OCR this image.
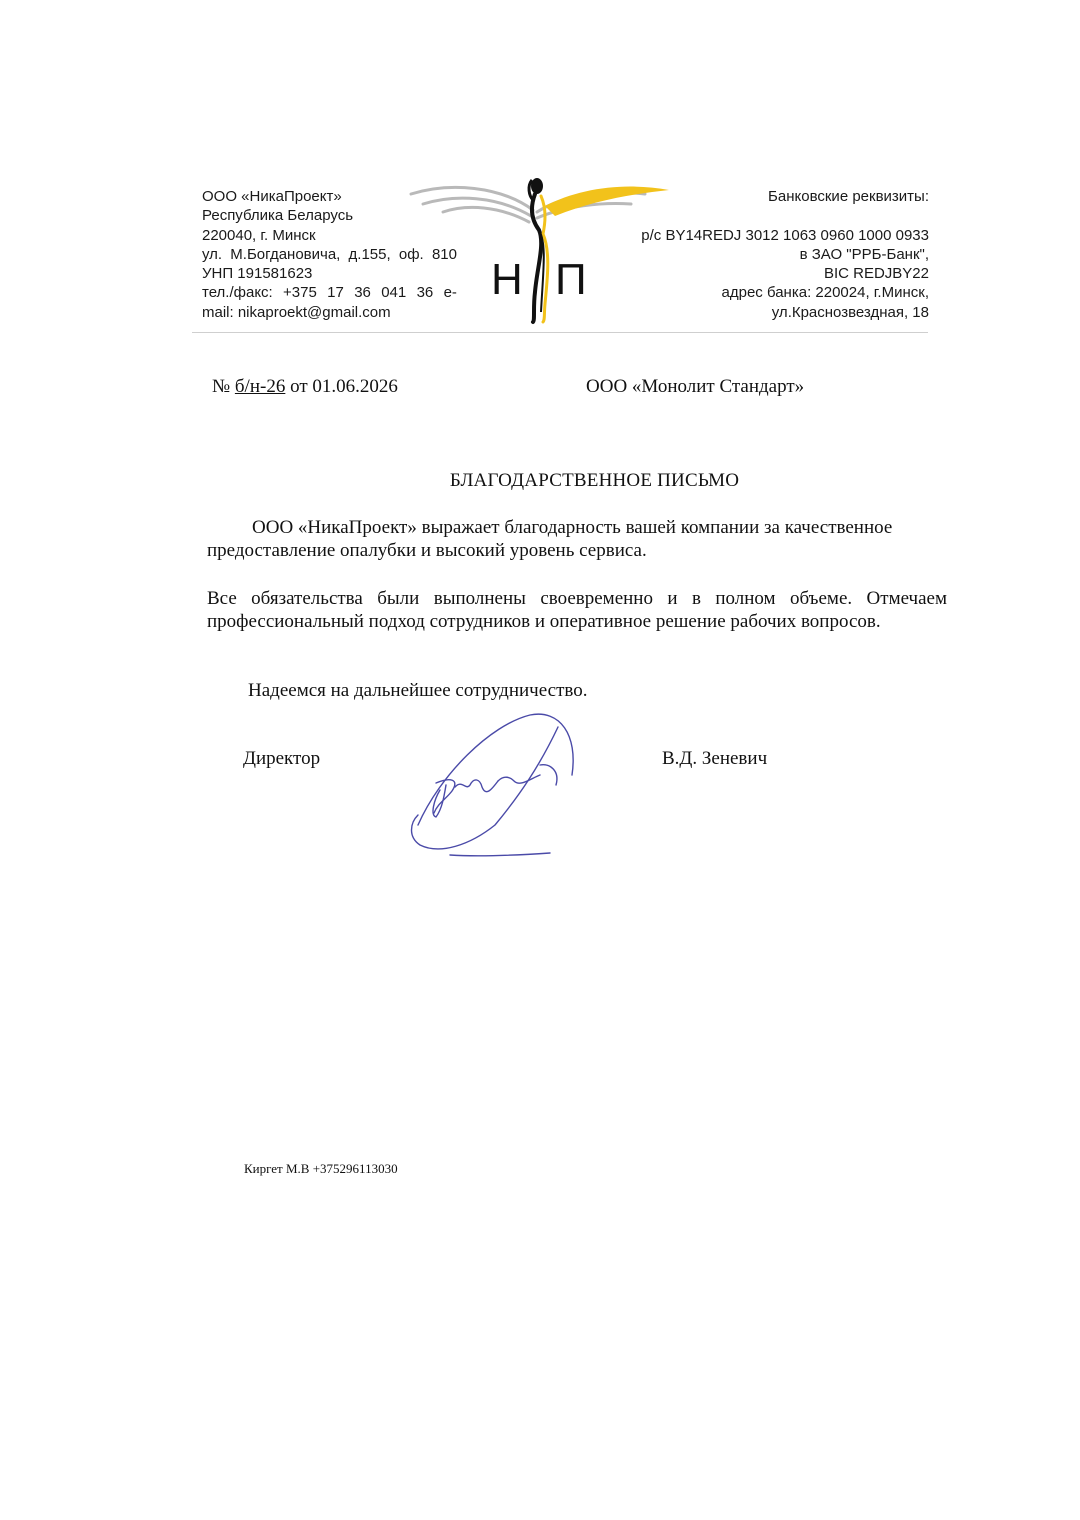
ООО «НикаПроект»
Республика Беларусь
220040, г. Минск
ул. М.Богдановича, д.155, оф. 810
УНП 191581623
тел./факс: +375 17 36 041 36 e-
mail: nikaproekt@gmail.com
Н П
Банковские реквизиты:
р/с BY14REDJ 3012 1063 0960 1000 0933
в ЗАО "РРБ-Банк",
BIC REDJBY22
адрес банка: 220024, г.Минск,
ул.Краснозвездная, 18
№ б/н-26 от 01.06.2026	ООО «Монолит Стандарт»
БЛАГОДАРСТВЕННОЕ ПИСЬМО
ООО «НикаПроект» выражает благодарность вашей компании за качественное
предоставление опалубки и высокий уровень сервиса.
Все обязательства были выполнены своевременно и в полном объеме. Отмечаем профессиональный подход сотрудников и оперативное решение рабочих вопросов.
Надеемся на дальнейшее сотрудничество.
Директор	В.Д. Зеневич
Киргет М.В +375296113030
